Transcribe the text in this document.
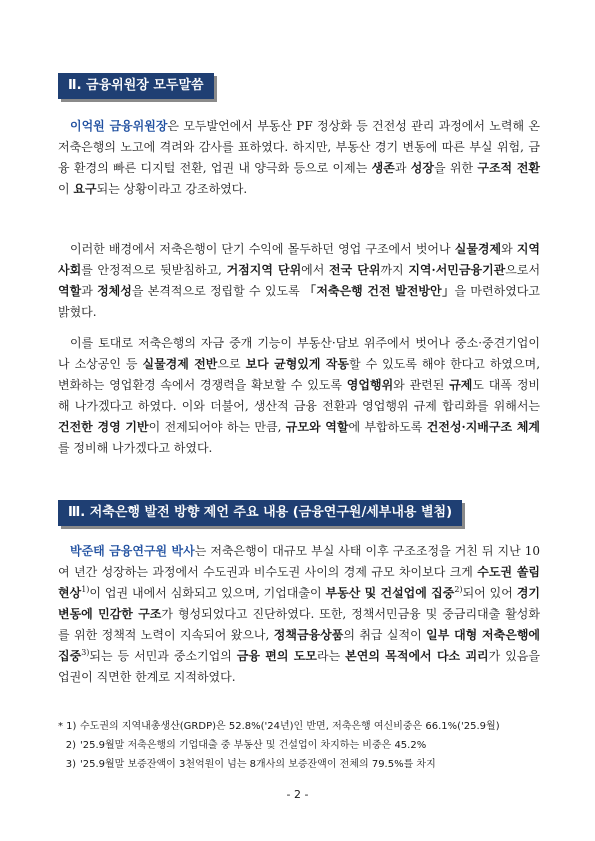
Ⅱ. 금융위원장 모두말씀
이억원 금융위원장은 모두발언에서 부동산 PF 정상화 등 건전성 관리 과정에서 노력해 온 저축은행의 노고에 격려와 감사를 표하였다. 하지만, 부동산 경기 변동에 따른 부실 위험, 금융 환경의 빠른 디지털 전환, 업권 내 양극화 등으로 이제는 생존과 성장을 위한 구조적 전환이 요구되는 상황이라고 강조하였다.
이러한 배경에서 저축은행이 단기 수익에 몰두하던 영업 구조에서 벗어나 실물경제와 지역사회를 안정적으로 뒷받침하고, 거점지역 단위에서 전국 단위까지 지역·서민금융기관으로서 역할과 정체성을 본격적으로 정립할 수 있도록 「저축은행 건전 발전방안」을 마련하였다고 밝혔다.
이를 토대로 저축은행의 자금 중개 기능이 부동산·담보 위주에서 벗어나 중소·중견기업이나 소상공인 등 실물경제 전반으로 보다 균형있게 작동할 수 있도록 해야 한다고 하였으며, 변화하는 영업환경 속에서 경쟁력을 확보할 수 있도록 영업행위와 관련된 규제도 대폭 정비해 나가겠다고 하였다. 이와 더불어, 생산적 금융 전환과 영업행위 규제 합리화를 위해서는 건전한 경영 기반이 전제되어야 하는 만큼, 규모와 역할에 부합하도록 건전성·지배구조 체계를 정비해 나가겠다고 하였다.
Ⅲ. 저축은행 발전 방향 제언 주요 내용 (금융연구원/세부내용 별첨)
박준태 금융연구원 박사는 저축은행이 대규모 부실 사태 이후 구조조정을 거친 뒤 지난 10여 년간 성장하는 과정에서 수도권과 비수도권 사이의 경제 규모 차이보다 크게 수도권 쏠림 현상$^{1)}$이 업권 내에서 심화되고 있으며, 기업대출이 부동산 및 건설업에 집중$^{2)}$되어 있어 경기변동에 민감한 구조가 형성되었다고 진단하였다. 또한, 정책서민금융 및 중금리대출 활성화를 위한 정책적 노력이 지속되어 왔으나, 정책금융상품의 취급 실적이 일부 대형 저축은행에 집중$^{3)}$되는 등 서민과 중소기업의 금융 편의 도모라는 본연의 목적에서 다소 괴리가 있음을 업권이 직면한 한계로 지적하였다.
* 1) 수도권의 지역내총생산(GRDP)은 52.8%('24년)인 반면, 저축은행 여신비중은 66.1%('25.9월)
2) '25.9월말 저축은행의 기업대출 중 부동산 및 건설업이 차지하는 비중은 45.2%
3) '25.9월말 보증잔액이 3천억원이 넘는 8개사의 보증잔액이 전체의 79.5%를 차지
- 2 -
